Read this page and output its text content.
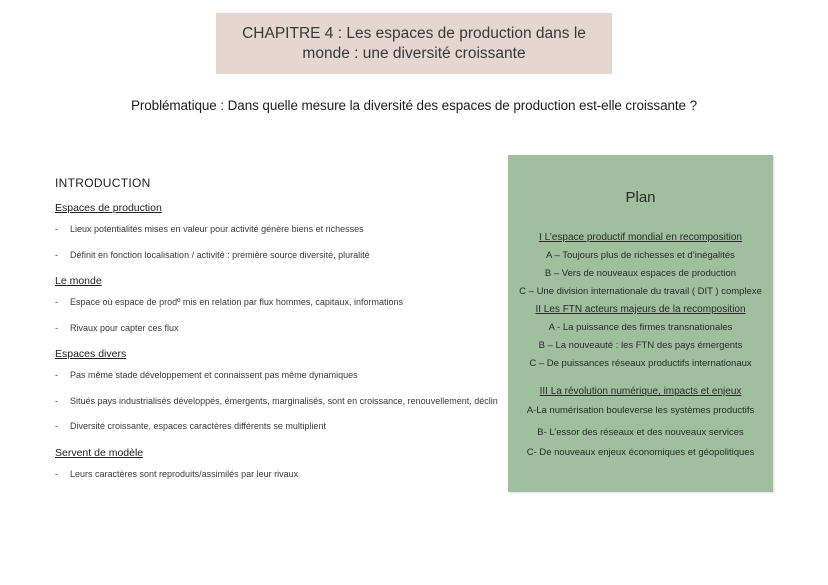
CHAPITRE 4 : Les espaces de production dans le
monde : une diversité croissante
Problématique : Dans quelle mesure la diversité des espaces de production est-elle croissante ?
INTRODUCTION
Espaces de production
-	Lieux potentialités mises en valeur pour activité génère biens et richesses
-	Définit en fonction localisation / activité : première source diversité, pluralité
Le monde
-	Espace où espace de prodº mis en relation par flux hommes, capitaux, informations
-	Rivaux pour capter ces flux
Espaces divers
-	Pas même stade développement et connaissent pas même dynamiques
-	Situés pays industrialisés développés, émergents, marginalisés, sont en croissance, renouvellement, déclin
-	Diversité croissante, espaces caractères différents se multiplient
Servent de modèle
-	Leurs caractères sont reproduits/assimilés par leur rivaux
Plan
I L’espace productif mondial en recomposition
A – Toujours plus de richesses et d’inégalités
B – Vers de nouveaux espaces de production
C – Une division internationale du travail ( DIT ) complexe
II Les FTN acteurs majeurs de la recomposition
A - La puissance des firmes transnationales
B – La nouveauté : les FTN des pays émergents
C – De puissances réseaux productifs internationaux
III La révolution numérique, impacts et enjeux
A-La numérisation bouleverse les systèmes productifs
B- L’essor des réseaux et des nouveaux services
C- De nouveaux enjeux économiques et géopolitiques
